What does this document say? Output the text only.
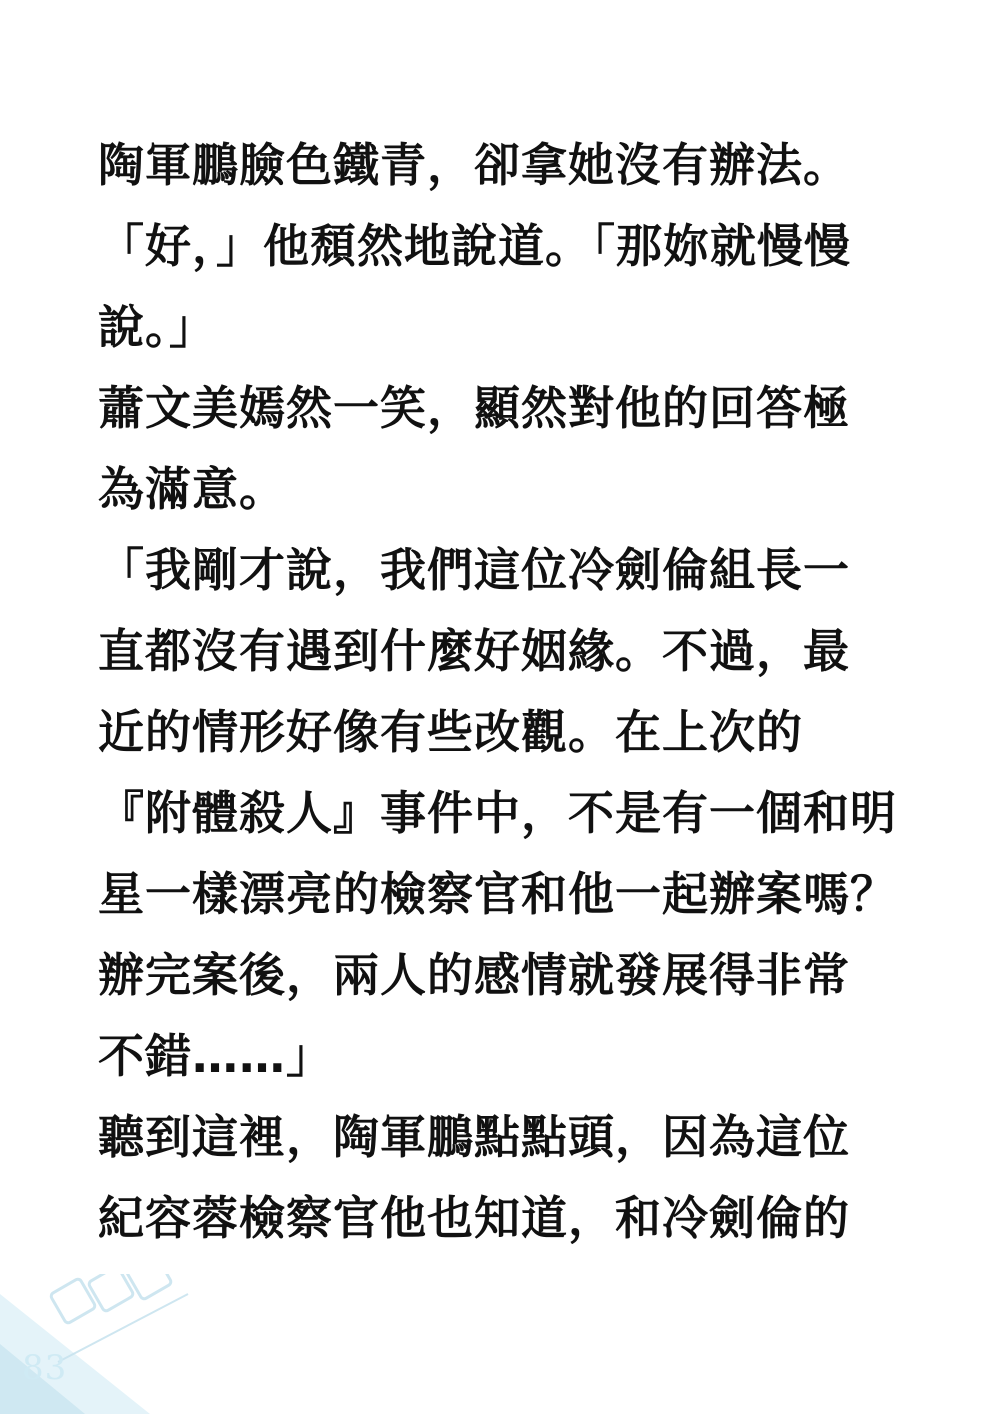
陶軍鵬臉色鐵青，卻拿她沒有辦法。
「好，」他頹然地說道。「那妳就慢慢
說。」
蕭文美嫣然一笑，顯然對他的回答極
為滿意。
「我剛才說，我們這位冷劍倫組長一
直都沒有遇到什麼好姻緣。不過，最
近的情形好像有些改觀。在上次的
『附體殺人』事件中，不是有一個和明
星一樣漂亮的檢察官和他一起辦案嗎？
辦完案後，兩人的感情就發展得非常
不錯……」
聽到這裡，陶軍鵬點點頭，因為這位
紀容蓉檢察官他也知道，和冷劍倫的
83
